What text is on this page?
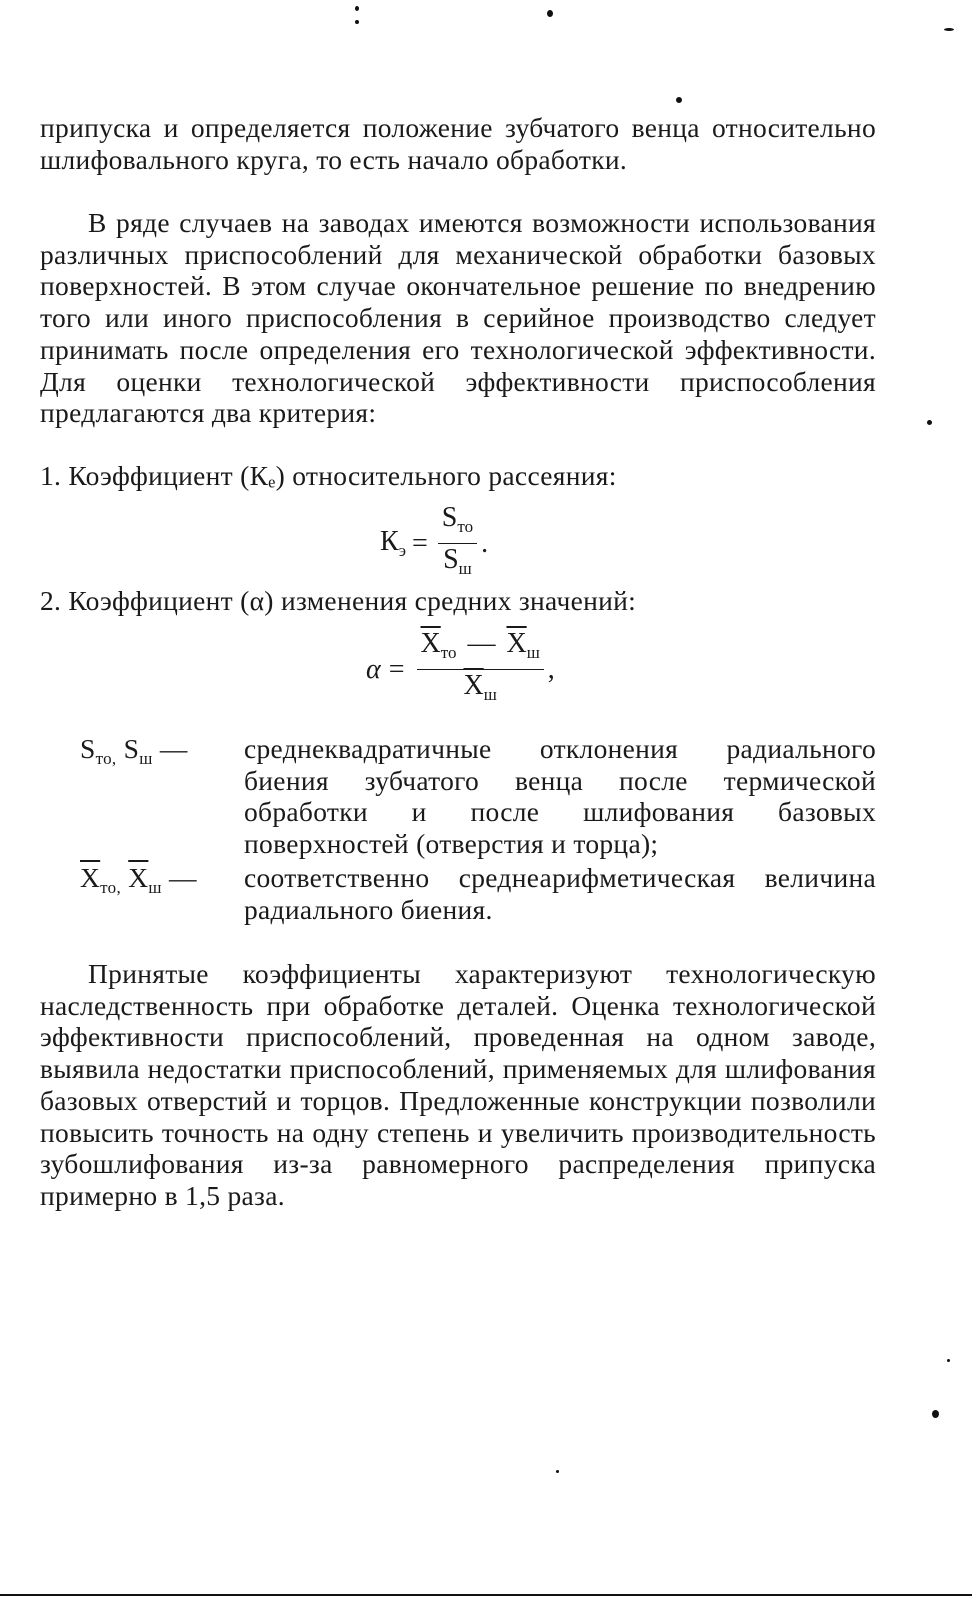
припуска и определяется положение зубчатого венца относительно шлифовального круга, то есть начало обработки.
В ряде случаев на заводах имеются возможности использования различных приспособлений для механической обработки базовых поверхностей. В этом случае окончательное решение по внедрению того или иного приспособления в серийное производство следует принимать после определения его технологической эффективности. Для оценки технологической эффективности приспособления предлагаются два критерия:
1. Коэффициент (Кₑ) относительного рассеяния:
$К_э = \frac{S_{то}}{S_ш}$ .
2. Коэффициент (α) изменения средних значений:
$\alpha = \frac{\overline{X}_{то} — \overline{X}_ш}{\overline{X}_ш}$ ,
$S_{то,}$ $S_ш$ —	среднеквадратичные отклонения радиального биения зубчатого венца после термической обработки и после шлифования базовых поверхностей (отверстия и торца);
$\overline{X}_{то,}$ $\overline{X}_ш$ —	соответственно среднеарифметическая величина радиального биения.
Принятые коэффициенты характеризуют технологическую наследственность при обработке деталей. Оценка технологической эффективности приспособлений, проведенная на одном заводе, выявила недостатки приспособлений, применяемых для шлифования базовых отверстий и торцов. Предложенные конструкции позволили повысить точность на одну степень и увеличить производительность зубошлифования из-за равномерного распределения припуска примерно в 1,5 раза.
